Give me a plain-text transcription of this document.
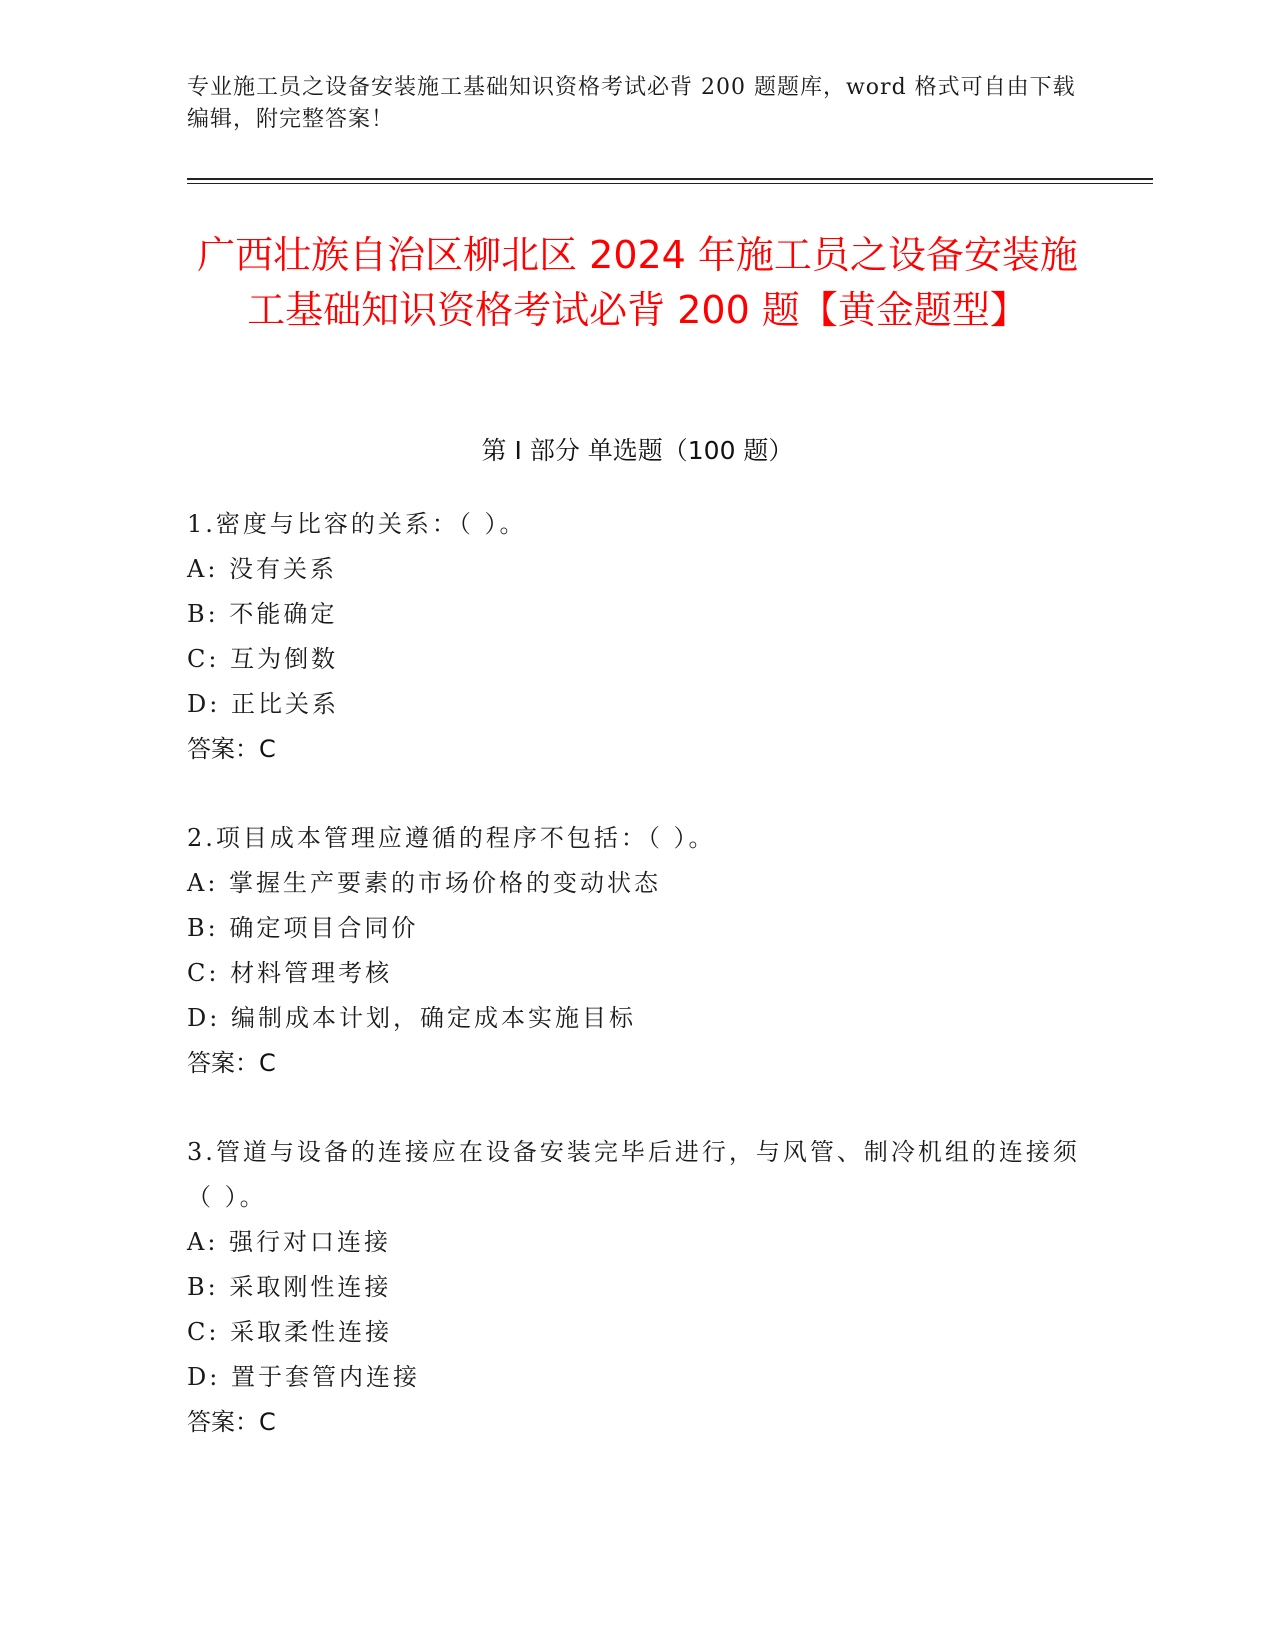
专业施工员之设备安装施工基础知识资格考试必背 200 题题库，word 格式可自由下载编辑，附完整答案！
广西壮族自治区柳北区 2024 年施工员之设备安装施工基础知识资格考试必背 200 题【黄金题型】
第 I 部分 单选题（100 题）
1.密度与比容的关系：（ ）。
A: 没有关系
B: 不能确定
C: 互为倒数
D: 正比关系
答案：C
2.项目成本管理应遵循的程序不包括：（ ）。
A: 掌握生产要素的市场价格的变动状态
B: 确定项目合同价
C: 材料管理考核
D: 编制成本计划，确定成本实施目标
答案：C
3.管道与设备的连接应在设备安装完毕后进行，与风管、制冷机组的连接须（ ）。
A: 强行对口连接
B: 采取刚性连接
C: 采取柔性连接
D: 置于套管内连接
答案：C
